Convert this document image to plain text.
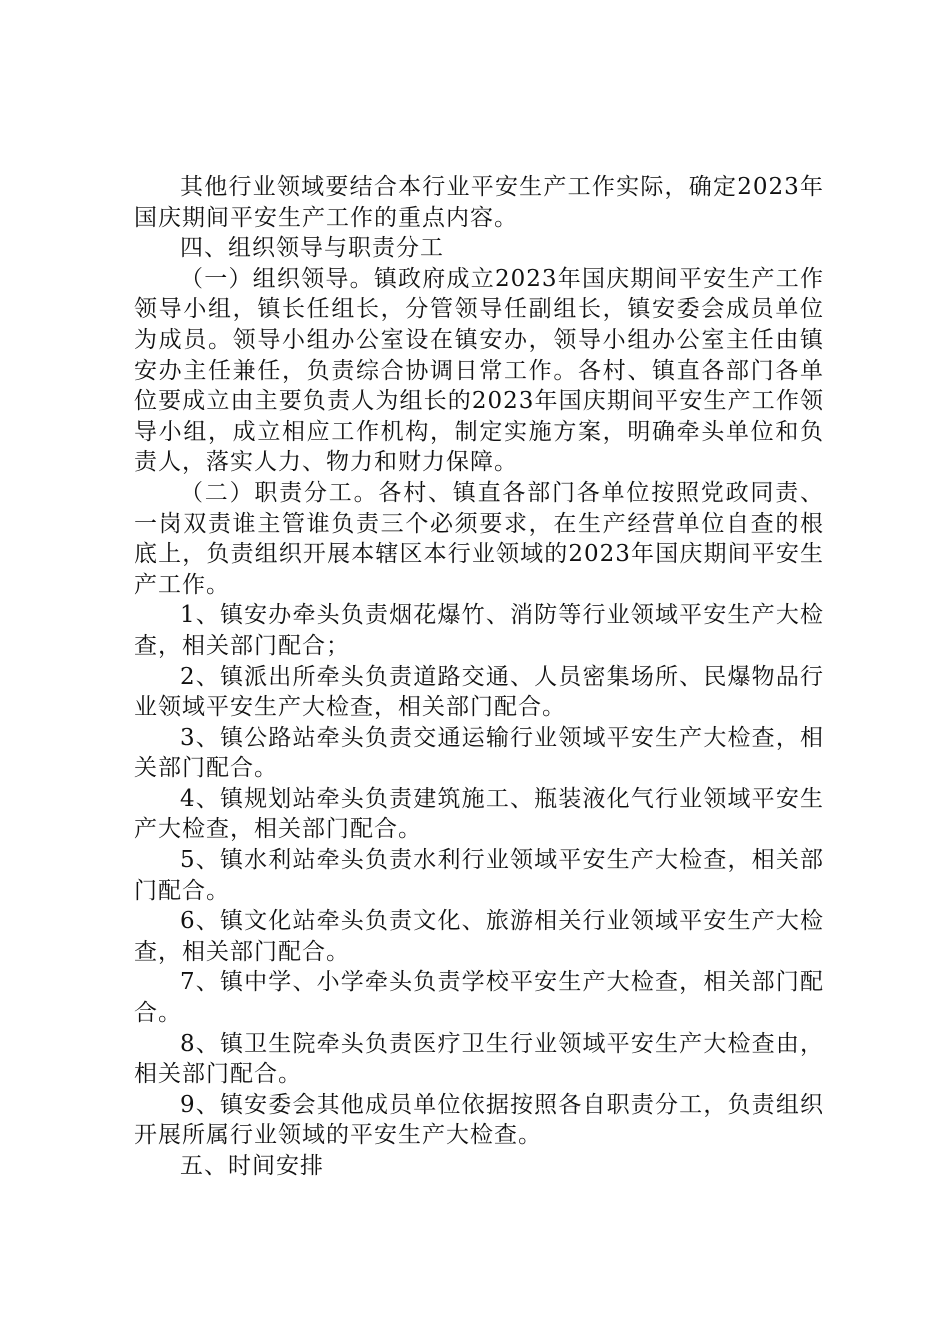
其他行业领域要结合本行业平安生产工作实际，确定2023年国庆期间平安生产工作的重点内容。

四、组织领导与职责分工

（一）组织领导。镇政府成立2023年国庆期间平安生产工作领导小组，镇长任组长，分管领导任副组长，镇安委会成员单位为成员。领导小组办公室设在镇安办，领导小组办公室主任由镇安办主任兼任，负责综合协调日常工作。各村、镇直各部门各单位要成立由主要负责人为组长的2023年国庆期间平安生产工作领导小组，成立相应工作机构，制定实施方案，明确牵头单位和负责人，落实人力、物力和财力保障。

（二）职责分工。各村、镇直各部门各单位按照党政同责、一岗双责谁主管谁负责三个必须要求，在生产经营单位自查的根底上，负责组织开展本辖区本行业领域的2023年国庆期间平安生产工作。

1、镇安办牵头负责烟花爆竹、消防等行业领域平安生产大检查，相关部门配合；

2、镇派出所牵头负责道路交通、人员密集场所、民爆物品行业领域平安生产大检查，相关部门配合。

3、镇公路站牵头负责交通运输行业领域平安生产大检查，相关部门配合。

4、镇规划站牵头负责建筑施工、瓶装液化气行业领域平安生产大检查，相关部门配合。

5、镇水利站牵头负责水利行业领域平安生产大检查，相关部门配合。

6、镇文化站牵头负责文化、旅游相关行业领域平安生产大检查，相关部门配合。

7、镇中学、小学牵头负责学校平安生产大检查，相关部门配合。

8、镇卫生院牵头负责医疗卫生行业领域平安生产大检查由，相关部门配合。

9、镇安委会其他成员单位依据按照各自职责分工，负责组织开展所属行业领域的平安生产大检查。

五、时间安排
